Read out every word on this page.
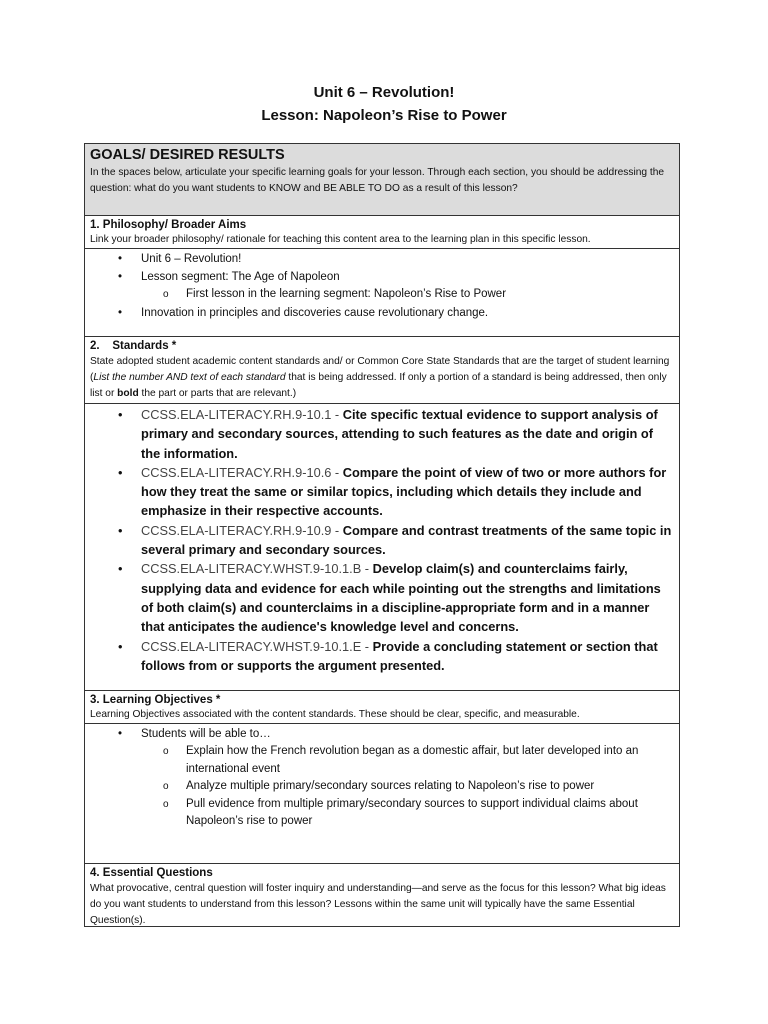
Unit 6 – Revolution!
Lesson: Napoleon’s Rise to Power
GOALS/ DESIRED RESULTS
In the spaces below, articulate your specific learning goals for your lesson. Through each section, you should be addressing the question: what do you want students to KNOW and BE ABLE TO DO as a result of this lesson?
1. Philosophy/ Broader Aims
Link your broader philosophy/ rationale for teaching this content area to the learning plan in this specific lesson.
• Unit 6 – Revolution!
• Lesson segment: The Age of Napoleon
o First lesson in the learning segment: Napoleon’s Rise to Power
• Innovation in principles and discoveries cause revolutionary change.
2.    Standards *
State adopted student academic content standards and/ or Common Core State Standards that are the target of student learning (List the number AND text of each standard that is being addressed. If only a portion of a standard is being addressed, then only list or bold the part or parts that are relevant.)
• CCSS.ELA-LITERACY.RH.9-10.1 - Cite specific textual evidence to support analysis of primary and secondary sources, attending to such features as the date and origin of the information.
• CCSS.ELA-LITERACY.RH.9-10.6 - Compare the point of view of two or more authors for how they treat the same or similar topics, including which details they include and emphasize in their respective accounts.
• CCSS.ELA-LITERACY.RH.9-10.9 - Compare and contrast treatments of the same topic in several primary and secondary sources.
• CCSS.ELA-LITERACY.WHST.9-10.1.B - Develop claim(s) and counterclaims fairly, supplying data and evidence for each while pointing out the strengths and limitations of both claim(s) and counterclaims in a discipline-appropriate form and in a manner that anticipates the audience's knowledge level and concerns.
• CCSS.ELA-LITERACY.WHST.9-10.1.E - Provide a concluding statement or section that follows from or supports the argument presented.
3. Learning Objectives *
Learning Objectives associated with the content standards. These should be clear, specific, and measurable.
• Students will be able to…
o Explain how the French revolution began as a domestic affair, but later developed into an international event
o Analyze multiple primary/secondary sources relating to Napoleon’s rise to power
o Pull evidence from multiple primary/secondary sources to support individual claims about Napoleon’s rise to power
4. Essential Questions
What provocative, central question will foster inquiry and understanding—and serve as the focus for this lesson? What big ideas do you want students to understand from this lesson? Lessons within the same unit will typically have the same Essential Question(s).
